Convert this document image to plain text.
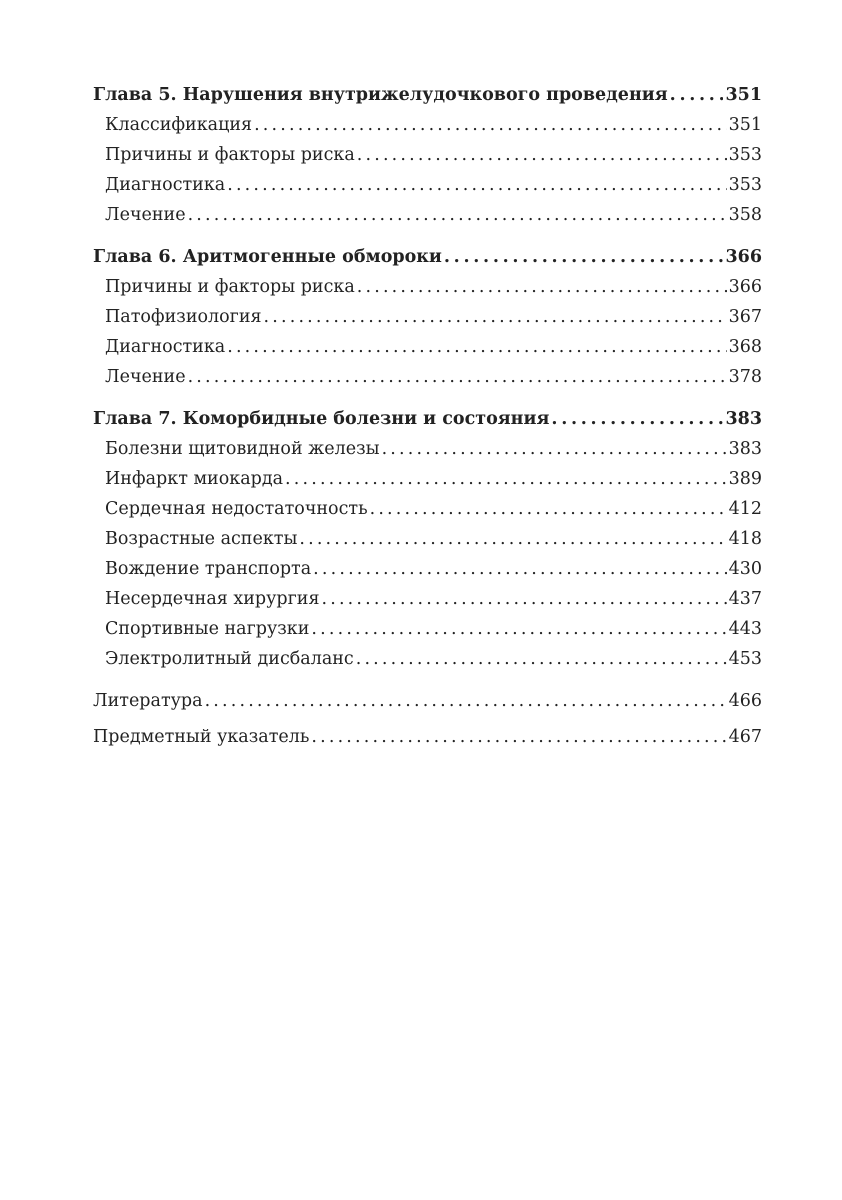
Глава 5. Нарушения внутрижелудочкового проведения . . .	351
Классификация . . .	351
Причины и факторы риска . . .	353
Диагностика . . .	353
Лечение . . .	358
Глава 6. Аритмогенные обмороки . . .	366
Причины и факторы риска . . .	366
Патофизиология . . .	367
Диагностика . . .	368
Лечение . . .	378
Глава 7. Коморбидные болезни и состояния . . .	383
Болезни щитовидной железы . . .	383
Инфаркт миокарда . . .	389
Сердечная недостаточность . . .	412
Возрастные аспекты . . .	418
Вождение транспорта . . .	430
Несердечная хирургия . . .	437
Спортивные нагрузки . . .	443
Электролитный дисбаланс . . .	453
Литература . . .	466
Предметный указатель . . .	467
